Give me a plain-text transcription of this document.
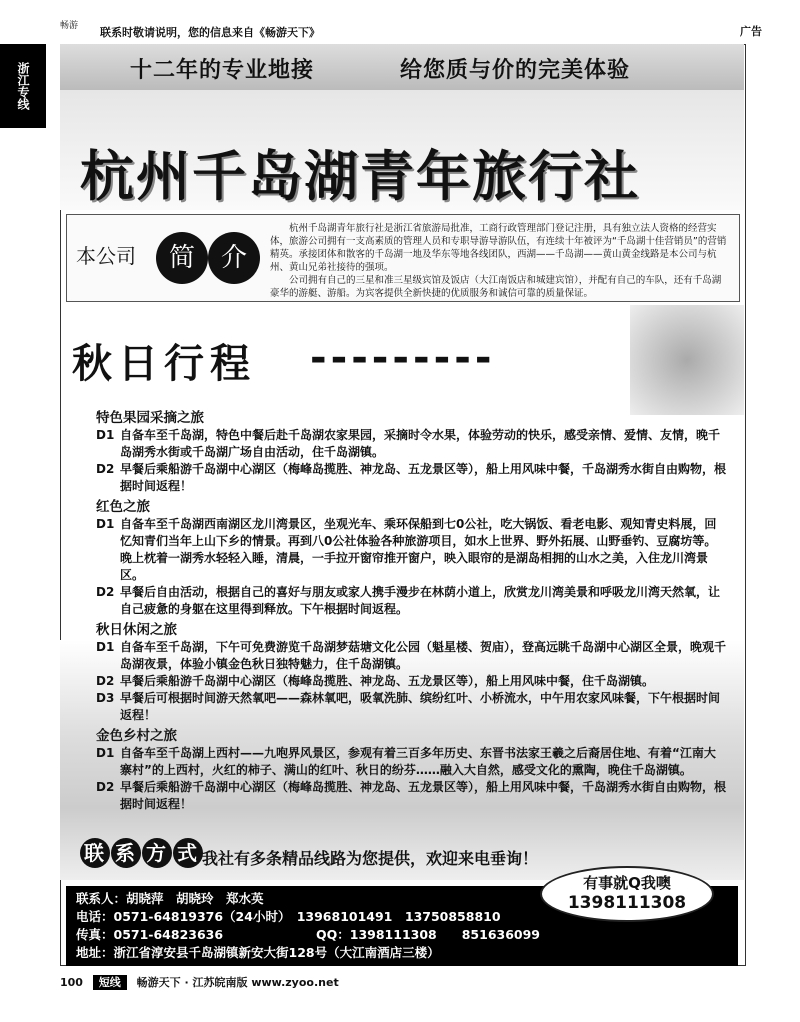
畅游	联系时敬请说明，您的信息来自《畅游天下》	广告
浙江专线	十二年的专业地接	给您质与价的完美体验
杭州千岛湖青年旅行社
本公司	简 介
杭州千岛湖青年旅行社是浙江省旅游局批准，工商行政管理部门登记注册，具有独立法人资格的经营实体，旅游公司拥有一支高素质的管理人员和专职导游导游队伍，有连续十年被评为“千岛湖十佳营销员”的营销精英。承接团体和散客的千岛湖一地及华东等地各线团队，西湖——千岛湖——黄山黄金线路是本公司与杭州、黄山兄弟社接待的强项。
公司拥有自己的三星和准三星级宾馆及饭店（大江南饭店和城建宾馆），并配有自己的车队，还有千岛湖豪华的游艇、游船。为宾客提供全新快捷的优质服务和诚信可靠的质量保证。
秋日行程 ---------
特色果园采摘之旅
D1 自备车至千岛湖，特色中餐后赴千岛湖农家果园，采摘时令水果，体验劳动的快乐，感受亲情、爱情、友情，晚千岛湖秀水街或千岛湖广场自由活动，住千岛湖镇。
D2 早餐后乘船游千岛湖中心湖区（梅峰岛揽胜、神龙岛、五龙景区等），船上用风味中餐，千岛湖秀水街自由购物，根据时间返程！
红色之旅
D1 自备车至千岛湖西南湖区龙川湾景区，坐观光车、乘环保船到七0公社，吃大锅饭、看老电影、观知青史料展，回忆知青们当年上山下乡的情景。再到八0公社体验各种旅游项目，如水上世界、野外拓展、山野垂钓、豆腐坊等。晚上枕着一湖秀水轻轻入睡，清晨，一手拉开窗帘推开窗户，映入眼帘的是湖岛相拥的山水之美，入住龙川湾景区。
D2 早餐后自由活动，根据自己的喜好与朋友或家人携手漫步在林荫小道上，欣赏龙川湾美景和呼吸龙川湾天然氧，让自己疲惫的身躯在这里得到释放。下午根据时间返程。
秋日休闲之旅
D1 自备车至千岛湖，下午可免费游览千岛湖梦菇塘文化公园（魁星楼、贺庙），登高远眺千岛湖中心湖区全景，晚观千岛湖夜景，体验小镇金色秋日独特魅力，住千岛湖镇。
D2 早餐后乘船游千岛湖中心湖区（梅峰岛揽胜、神龙岛、五龙景区等），船上用风味中餐，住千岛湖镇。
D3 早餐后可根据时间游天然氧吧——森林氧吧，吸氧洗肺、缤纷红叶、小桥流水，中午用农家风味餐，下午根据时间返程！
金色乡村之旅
D1 自备车至千岛湖上西村——九咆界风景区，参观有着三百多年历史、东晋书法家王羲之后裔居住地、有着“江南大寨村”的上西村，火红的柿子、满山的红叶、秋日的纷芬……融入大自然，感受文化的熏陶，晚住千岛湖镇。
D2 早餐后乘船游千岛湖中心湖区（梅峰岛揽胜、神龙岛、五龙景区等），船上用风味中餐，千岛湖秀水街自由购物，根据时间返程！
联 系 方 式 我社有多条精品线路为您提供，欢迎来电垂询！
联系人：胡晓萍　胡晓玲　郑水英
电话：0571-64819376（24小时）　13968101491　13750858810
传真：0571-64823636	QQ：1398111308　　851636099
地址：浙江省淳安县千岛湖镇新安大街128号（大江南酒店三楼）
有事就Q我噢
1398111308
100 短线 畅游天下 · 江苏皖南版 www.zyoo.net
